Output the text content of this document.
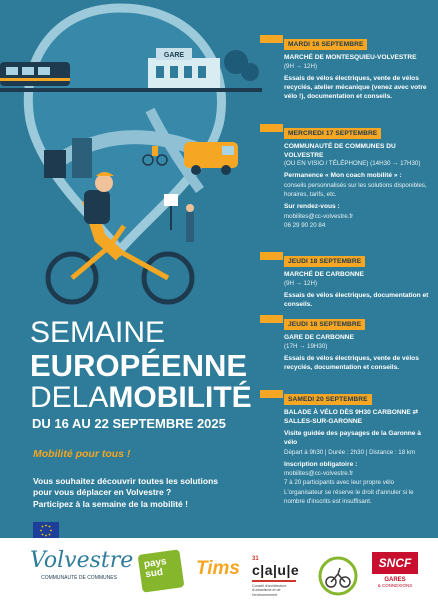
GARE
SEMAINE
EUROPÉENNE
DELAMOBILITÉ
DU 16 AU 22 SEPTEMBRE 2025
Mobilité pour tous !
Vous souhaitez découvrir toutes les solutions
pour vous déplacer en Volvestre ?
Participez à la semaine de la mobilité !
MARDI 16 SEPTEMBRE
MARCHÉ DE MONTESQUIEU-VOLVESTRE
(9H → 12H)
Essais de vélos électriques, vente de vélos recyclés, atelier mécanique (venez avec votre vélo !), documentation et conseils.
MERCREDI 17 SEPTEMBRE
COMMUNAUTÉ DE COMMUNES DU VOLVESTRE
(OU EN VISIO / TÉLÉPHONE) (14H30 → 17H30)
Permanence « Mon coach mobilité » :
conseils personnalisés sur les solutions disponibles, horaires, tarifs, etc.
Sur rendez-vous :
mobilites@cc-volvestre.fr
06 29 90 20 84
JEUDI 18 SEPTEMBRE
MARCHÉ DE CARBONNE
(9H → 12H)
Essais de vélos électriques, documentation et conseils.
JEUDI 18 SEPTEMBRE
GARE DE CARBONNE
(17H → 19H30)
Essais de vélos électriques, vente de vélos recyclés, documentation et conseils.
SAMEDI 20 SEPTEMBRE
BALADE À VÉLO DÈS 9H30 CARBONNE ⇄ SALLES-SUR-GARONNE
Visite guidée des paysages de la Garonne à vélo
Départ à 9h30 | Durée : 2h30 | Distance : 18 km
Inscription obligatoire :
mobilites@cc-volvestre.fr
7 à 20 participants avec leur propre vélo
L'organisateur se réserve le droit d'annuler si le nombre d'inscrits est insuffisant.
Volvestre
COMMUNAUTÉ DE COMMUNES
pays sud	Tims 31
c|a|u|e
Conseil d'architecture d'urbanisme et de l'environnement
SNCF
GARES
& CONNEXIONS
